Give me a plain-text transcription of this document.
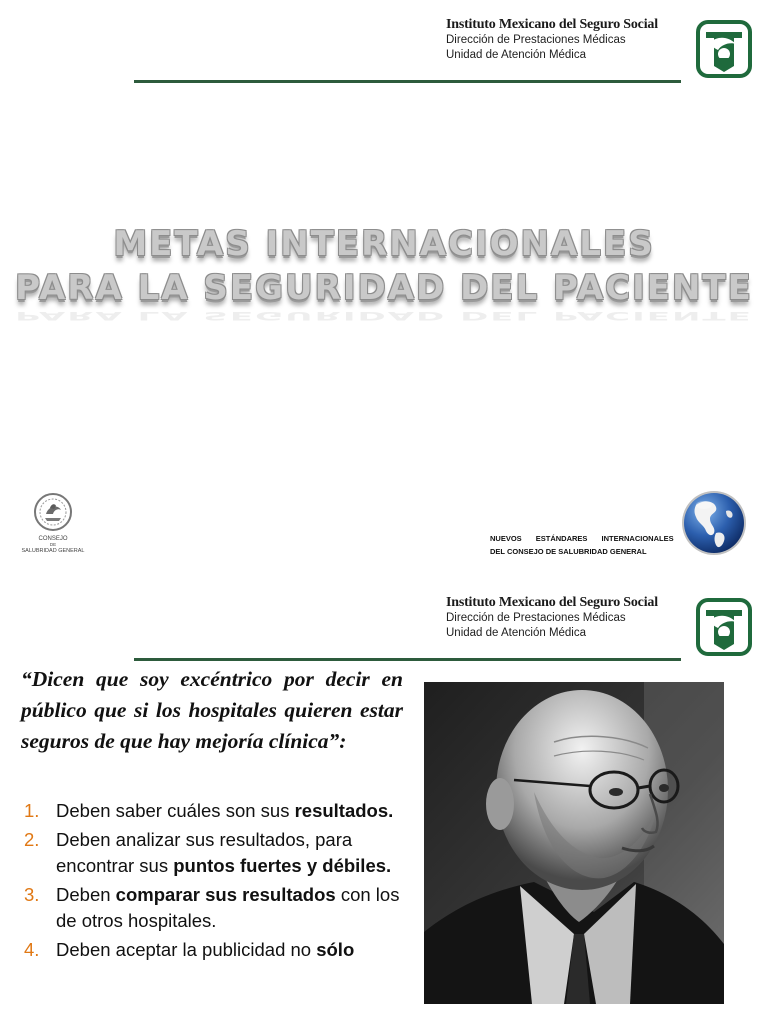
Instituto Mexicano del Seguro Social
Dirección de Prestaciones Médicas
Unidad de Atención Médica
METAS INTERNACIONALES
PARA LA SEGURIDAD DEL PACIENTE
PARA LA SEGURIDAD DEL PACIENTE
CONSEJO
DE
SALUBRIDAD GENERAL
NUEVOS ESTÁNDARES INTERNACIONALES
DEL CONSEJO DE SALUBRIDAD GENERAL
Instituto Mexicano del Seguro Social
Dirección de Prestaciones Médicas
Unidad de Atención Médica
“Dicen que soy excéntrico por decir en público que si los hospitales quieren estar seguros de que hay mejoría clínica”:
1. Deben saber cuáles son sus resultados.
2. Deben analizar sus resultados, para encontrar sus puntos fuertes y débiles.
3. Deben comparar sus resultados con los de otros hospitales.
4. Deben aceptar la publicidad no sólo
